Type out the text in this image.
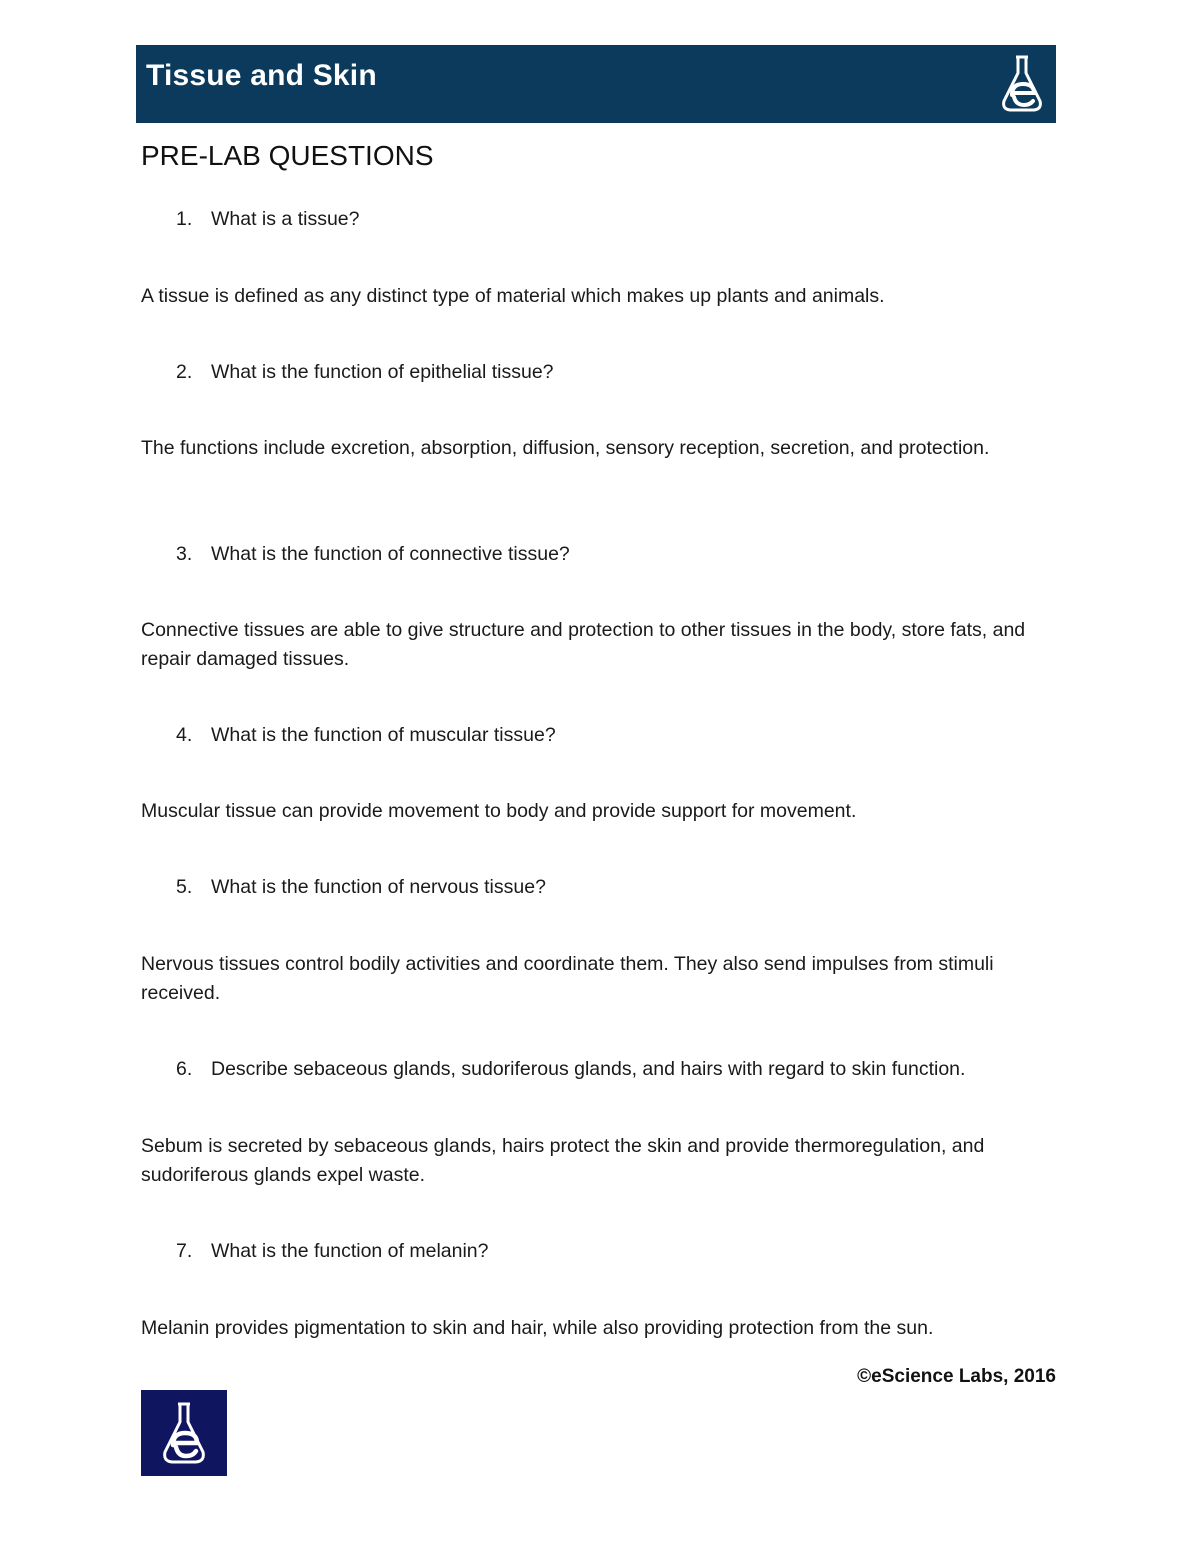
Tissue and Skin
PRE-LAB QUESTIONS
1. What is a tissue?
A tissue is defined as any distinct type of material which makes up plants and animals.
2. What is the function of epithelial tissue?
The functions include excretion, absorption, diffusion, sensory reception, secretion, and protection.
3. What is the function of connective tissue?
Connective tissues are able to give structure and protection to other tissues in the body, store fats, and repair damaged tissues.
4. What is the function of muscular tissue?
Muscular tissue can provide movement to body and provide support for movement.
5. What is the function of nervous tissue?
Nervous tissues control bodily activities and coordinate them. They also send impulses from stimuli received.
6. Describe sebaceous glands, sudoriferous glands, and hairs with regard to skin function.
Sebum is secreted by sebaceous glands, hairs protect the skin and provide thermoregulation, and sudoriferous glands expel waste.
7. What is the function of melanin?
Melanin provides pigmentation to skin and hair, while also providing protection from the sun.
©eScience Labs, 2016
